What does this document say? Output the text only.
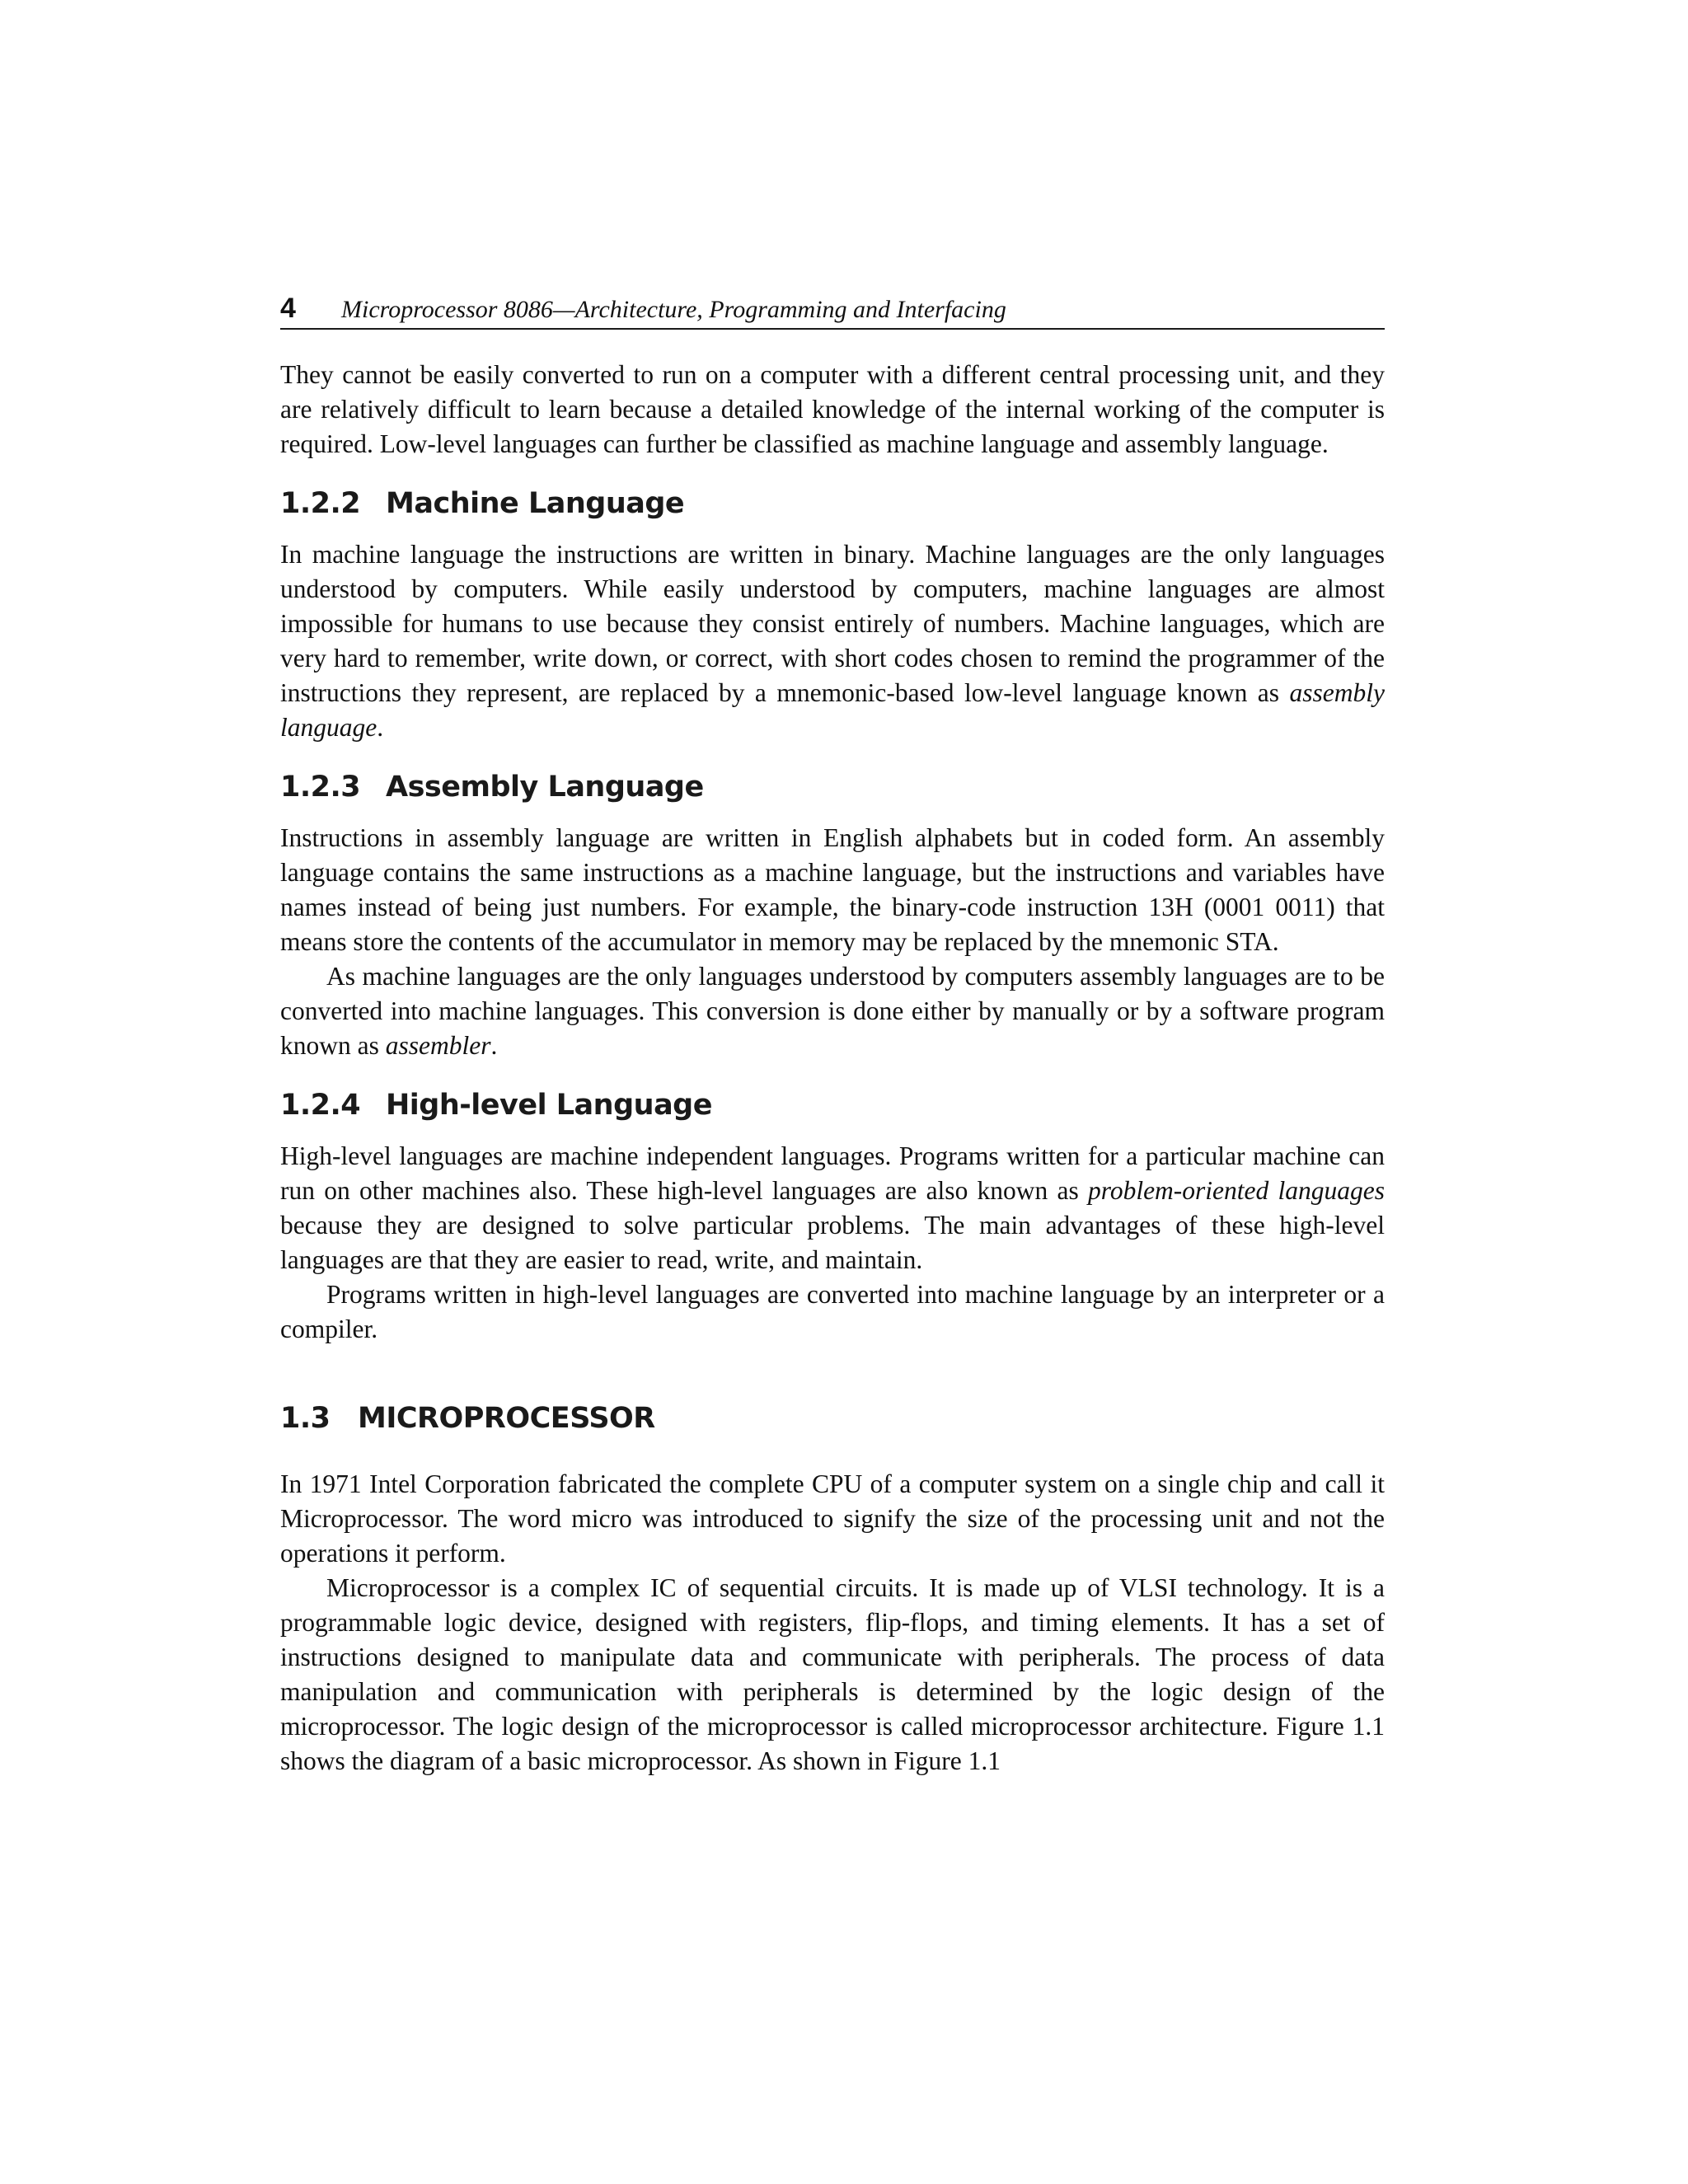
4	Microprocessor 8086—Architecture, Programming and Interfacing

They cannot be easily converted to run on a computer with a different central processing unit, and they are relatively difficult to learn because a detailed knowledge of the internal working of the computer is required. Low-level languages can further be classified as machine language and assembly language.

1.2.2 Machine Language

In machine language the instructions are written in binary. Machine languages are the only languages understood by computers. While easily understood by computers, machine languages are almost impossible for humans to use because they consist entirely of numbers. Machine languages, which are very hard to remember, write down, or correct, with short codes chosen to remind the programmer of the instructions they represent, are replaced by a mnemonic-based low-level language known as assembly language.

1.2.3 Assembly Language

Instructions in assembly language are written in English alphabets but in coded form. An assembly language contains the same instructions as a machine language, but the instructions and variables have names instead of being just numbers. For example, the binary-code instruction 13H (0001 0011) that means store the contents of the accumulator in memory may be replaced by the mnemonic STA.

As machine languages are the only languages understood by computers assembly languages are to be converted into machine languages. This conversion is done either by manually or by a software program known as assembler.

1.2.4 High-level Language

High-level languages are machine independent languages. Programs written for a particular machine can run on other machines also. These high-level languages are also known as problem-oriented languages because they are designed to solve particular problems. The main advantages of these high-level languages are that they are easier to read, write, and maintain.

Programs written in high-level languages are converted into machine language by an interpreter or a compiler.

1.3 MICROPROCESSOR

In 1971 Intel Corporation fabricated the complete CPU of a computer system on a single chip and call it Microprocessor. The word micro was introduced to signify the size of the processing unit and not the operations it perform.

Microprocessor is a complex IC of sequential circuits. It is made up of VLSI technology. It is a programmable logic device, designed with registers, flip-flops, and timing elements. It has a set of instructions designed to manipulate data and communicate with peripherals. The process of data manipulation and communication with peripherals is determined by the logic design of the microprocessor. The logic design of the microprocessor is called microprocessor architecture. Figure 1.1 shows the diagram of a basic microprocessor. As shown in Figure 1.1
